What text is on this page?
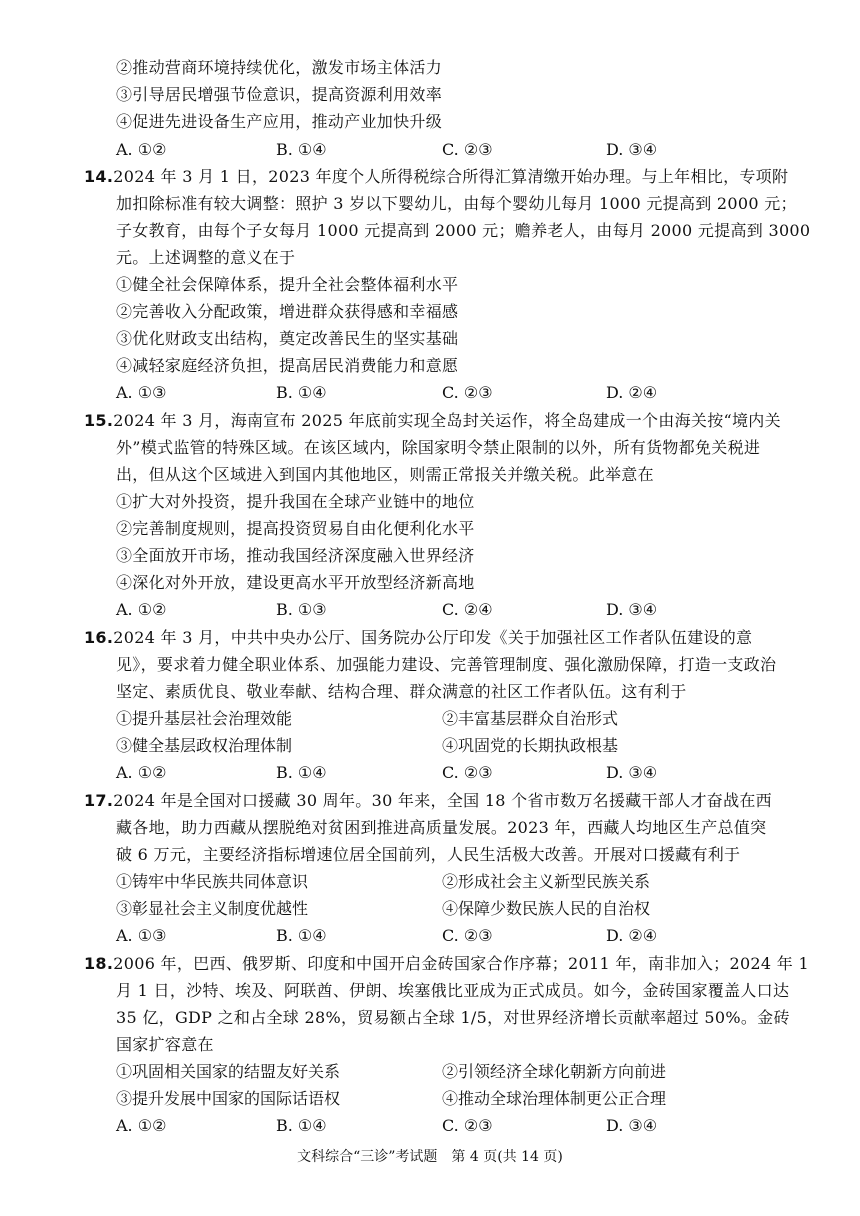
②推动营商环境持续优化，激发市场主体活力
③引导居民增强节俭意识，提高资源利用效率
④促进先进设备生产应用，推动产业加快升级
A. ①②	B. ①④	C. ②③	D. ③④
14.2024 年 3 月 1 日，2023 年度个人所得税综合所得汇算清缴开始办理。与上年相比，专项附
加扣除标准有较大调整：照护 3 岁以下婴幼儿，由每个婴幼儿每月 1000 元提高到 2000 元；
子女教育，由每个子女每月 1000 元提高到 2000 元；赡养老人，由每月 2000 元提高到 3000
元。上述调整的意义在于
①健全社会保障体系，提升全社会整体福利水平
②完善收入分配政策，增进群众获得感和幸福感
③优化财政支出结构，奠定改善民生的坚实基础
④减轻家庭经济负担，提高居民消费能力和意愿
A. ①③	B. ①④	C. ②③	D. ②④
15.2024 年 3 月，海南宣布 2025 年底前实现全岛封关运作，将全岛建成一个由海关按“境内关
外”模式监管的特殊区域。在该区域内，除国家明令禁止限制的以外，所有货物都免关税进
出，但从这个区域进入到国内其他地区，则需正常报关并缴关税。此举意在
①扩大对外投资，提升我国在全球产业链中的地位
②完善制度规则，提高投资贸易自由化便利化水平
③全面放开市场，推动我国经济深度融入世界经济
④深化对外开放，建设更高水平开放型经济新高地
A. ①②	B. ①③	C. ②④	D. ③④
16.2024 年 3 月，中共中央办公厅、国务院办公厅印发《关于加强社区工作者队伍建设的意
见》，要求着力健全职业体系、加强能力建设、完善管理制度、强化激励保障，打造一支政治
坚定、素质优良、敬业奉献、结构合理、群众满意的社区工作者队伍。这有利于
①提升基层社会治理效能	②丰富基层群众自治形式
③健全基层政权治理体制	④巩固党的长期执政根基
A. ①②	B. ①④	C. ②③	D. ③④
17.2024 年是全国对口援藏 30 周年。30 年来，全国 18 个省市数万名援藏干部人才奋战在西
藏各地，助力西藏从摆脱绝对贫困到推进高质量发展。2023 年，西藏人均地区生产总值突
破 6 万元，主要经济指标增速位居全国前列，人民生活极大改善。开展对口援藏有利于
①铸牢中华民族共同体意识	②形成社会主义新型民族关系
③彰显社会主义制度优越性	④保障少数民族人民的自治权
A. ①③	B. ①④	C. ②③	D. ②④
18.2006 年，巴西、俄罗斯、印度和中国开启金砖国家合作序幕；2011 年，南非加入；2024 年 1
月 1 日，沙特、埃及、阿联酋、伊朗、埃塞俄比亚成为正式成员。如今，金砖国家覆盖人口达
35 亿，GDP 之和占全球 28%，贸易额占全球 1/5，对世界经济增长贡献率超过 50%。金砖
国家扩容意在
①巩固相关国家的结盟友好关系	②引领经济全球化朝新方向前进
③提升发展中国家的国际话语权	④推动全球治理体制更公正合理
A. ①②	B. ①④	C. ②③	D. ③④
文科综合“三诊”考试题　第 4 页(共 14 页)
